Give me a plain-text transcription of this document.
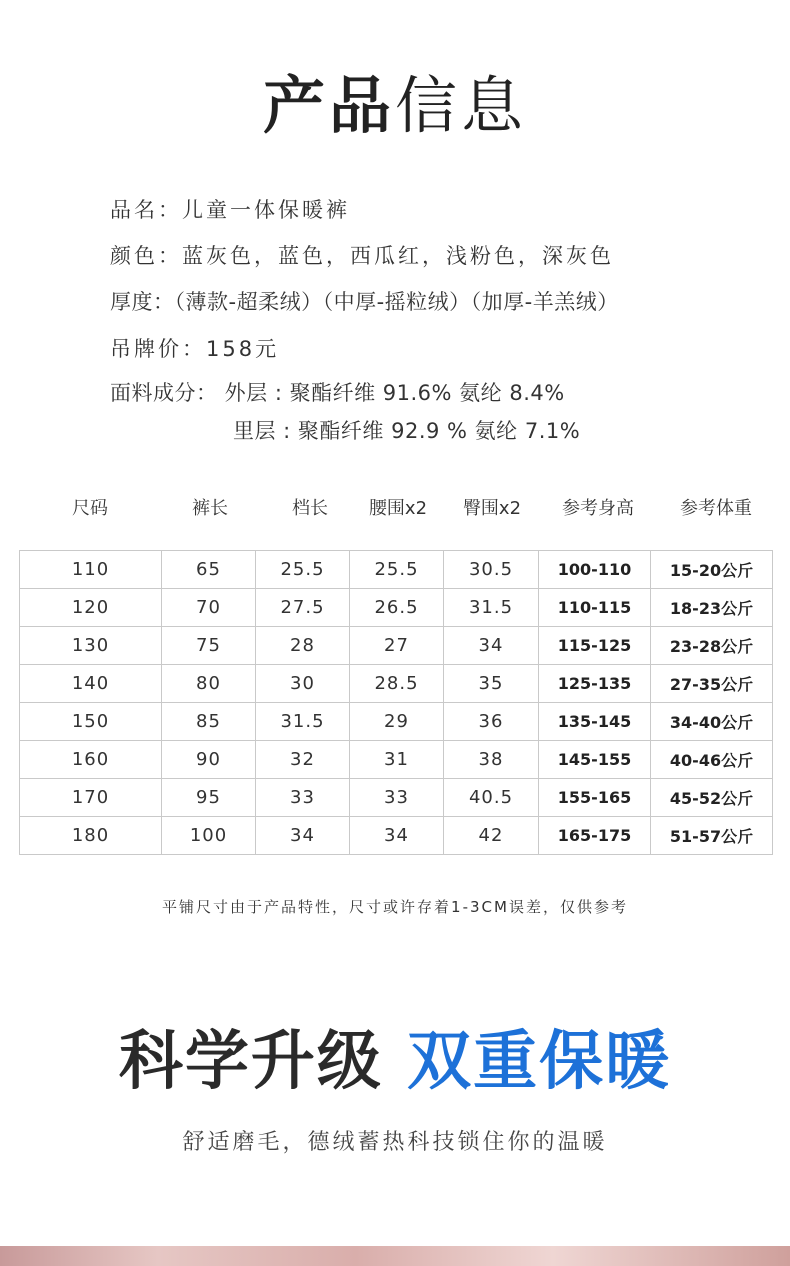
产品信息
品名：儿童一体保暖裤
颜色：蓝灰色，蓝色，西瓜红，浅粉色，深灰色
厚度：（薄款-超柔绒）（中厚-摇粒绒）（加厚-羊羔绒）
吊牌价：158元
面料成分： 外层 : 聚酯纤维 91.6% 氨纶 8.4%
里层 : 聚酯纤维 92.9 % 氨纶 7.1%
尺码	裤长	档长	腰围x2	臀围x2	参考身高	参考体重
110	65	25.5	25.5	30.5	100-110	15-20公斤
120	70	27.5	26.5	31.5	110-115	18-23公斤
130	75	28	27	34	115-125	23-28公斤
140	80	30	28.5	35	125-135	27-35公斤
150	85	31.5	29	36	135-145	34-40公斤
160	90	32	31	38	145-155	40-46公斤
170	95	33	33	40.5	155-165	45-52公斤
180	100	34	34	42	165-175	51-57公斤
平铺尺寸由于产品特性，尺寸或许存着1-3CM误差，仅供参考
科学升级 双重保暖
舒适磨毛，德绒蓄热科技锁住你的温暖
